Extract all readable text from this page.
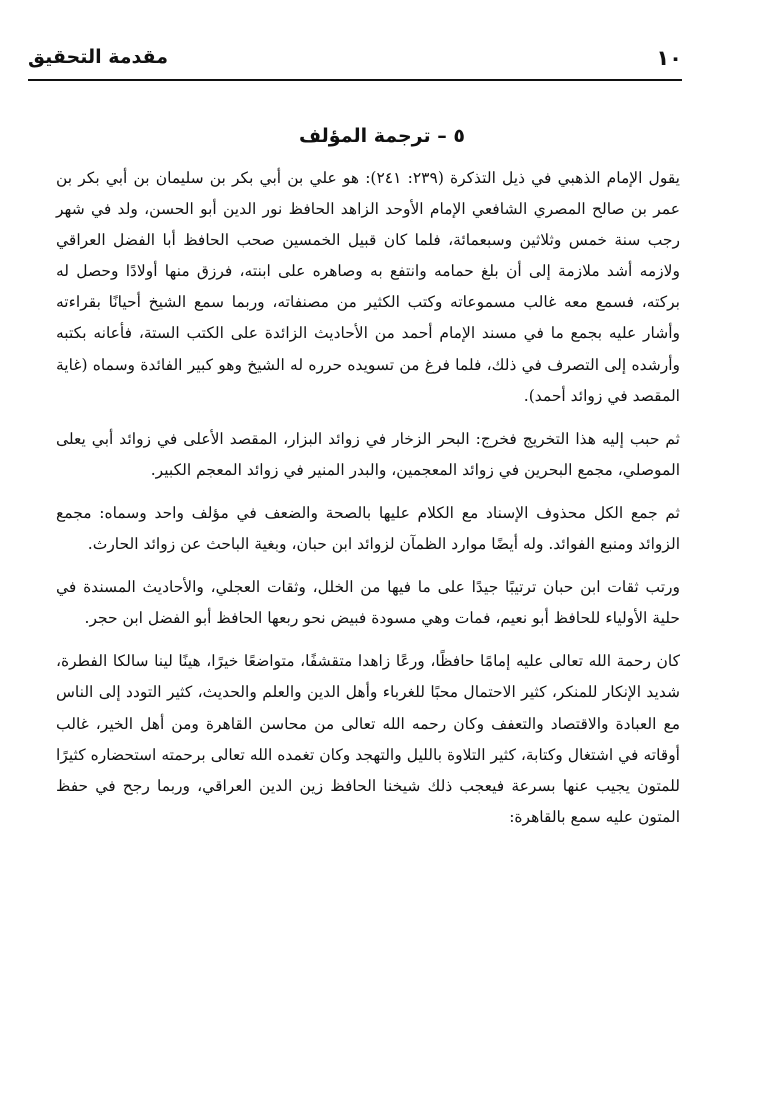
١٠
مقدمة التحقيق
٥ – ترجمة المؤلف

يقول الإمام الذهبي في ذيل التذكرة (٢٣٩: ٢٤١): هو علي بن أبي بكر بن سليمان بن أبي بكر بن عمر بن صالح المصري الشافعي الإمام الأوحد الزاهد الحافظ نور الدين أبو الحسن، ولد في شهر رجب سنة خمس وثلاثين وسبعمائة، فلما كان قبيل الخمسين صحب الحافظ أبا الفضل العراقي ولازمه أشد ملازمة إلى أن بلغ حمامه وانتفع به وصاهره على ابنته، فرزق منها أولادًا وحصل له بركته، فسمع معه غالب مسموعاته وكتب الكثير من مصنفاته، وربما سمع الشيخ أحيانًا بقراءته وأشار عليه بجمع ما في مسند الإمام أحمد من الأحاديث الزائدة على الكتب الستة، فأعانه بكتبه وأرشده إلى التصرف في ذلك، فلما فرغ من تسويده حرره له الشيخ وهو كبير الفائدة وسماه (غاية المقصد في زوائد أحمد).

ثم حبب إليه هذا التخريج فخرج: البحر الزخار في زوائد البزار، المقصد الأعلى في زوائد أبي يعلى الموصلي، مجمع البحرين في زوائد المعجمين، والبدر المنير في زوائد المعجم الكبير.

ثم جمع الكل محذوف الإسناد مع الكلام عليها بالصحة والضعف في مؤلف واحد وسماه: مجمع الزوائد ومنبع الفوائد. وله أيضًا موارد الظمآن لزوائد ابن حبان، وبغية الباحث عن زوائد الحارث.

ورتب ثقات ابن حبان ترتيبًا جيدًا على ما فيها من الخلل، وثقات العجلي، والأحاديث المسندة في حلية الأولياء للحافظ أبو نعيم، فمات وهي مسودة فبيض نحو ربعها الحافظ أبو الفضل ابن حجر.

كان رحمة الله تعالى عليه إمامًا حافظًا، ورعًا زاهدا متقشفًا، متواضعًا خيرًا، هينًا لينا سالكا الفطرة، شديد الإنكار للمنكر، كثير الاحتمال محبًا للغرباء وأهل الدين والعلم والحديث، كثير التودد إلى الناس مع العبادة والاقتصاد والتعفف وكان رحمه الله تعالى من محاسن القاهرة ومن أهل الخير، غالب أوقاته في اشتغال وكتابة، كثير التلاوة بالليل والتهجد وكان تغمده الله تعالى برحمته استحضاره كثيرًا للمتون يجيب عنها بسرعة فيعجب ذلك شيخنا الحافظ زين الدين العراقي، وربما رجح في حفظ المتون عليه سمع بالقاهرة:
